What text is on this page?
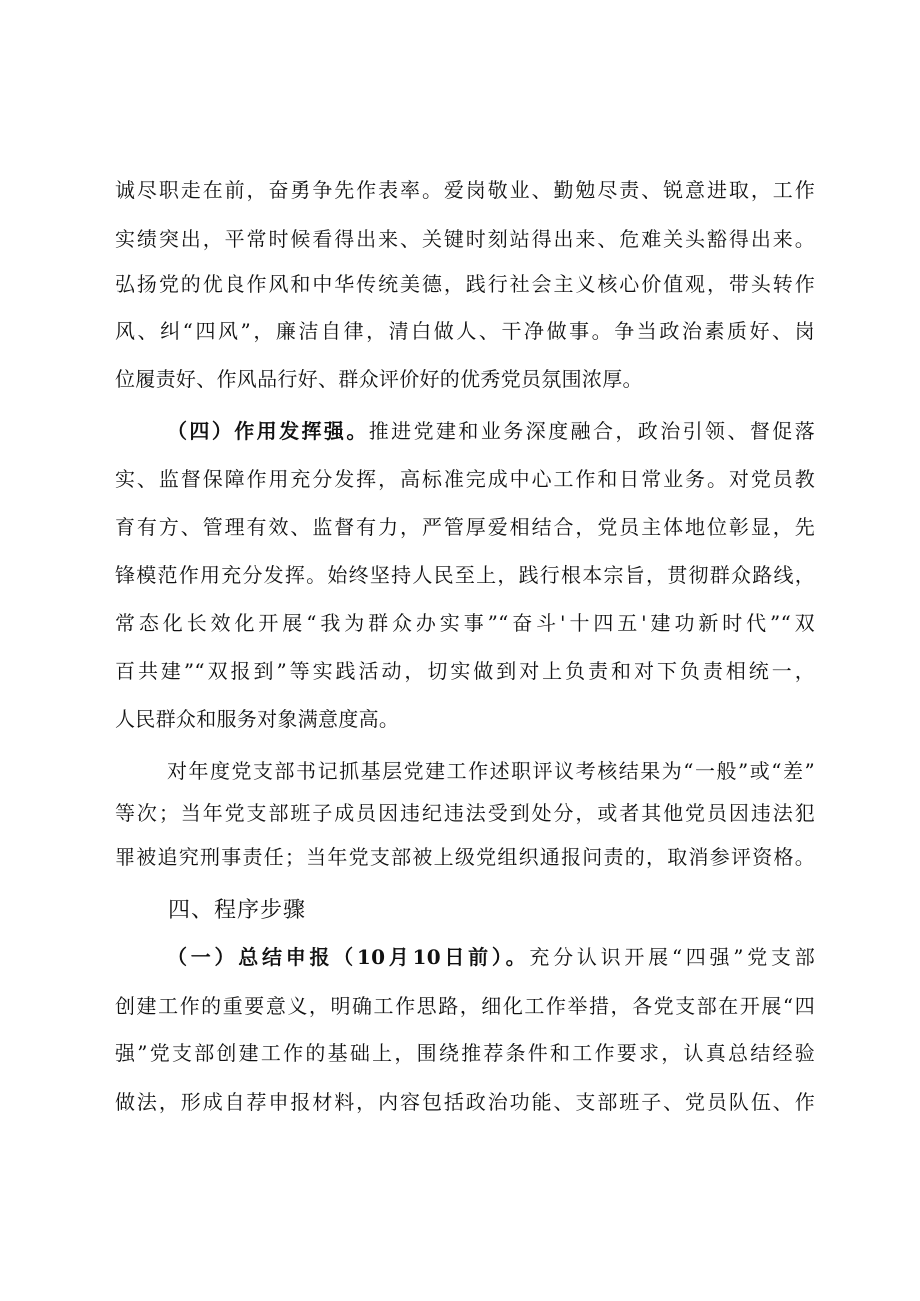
诚尽职走在前，奋勇争先作表率。爱岗敬业、勤勉尽责、锐意进取，工作
实绩突出，平常时候看得出来、关键时刻站得出来、危难关头豁得出来。
弘扬党的优良作风和中华传统美德，践行社会主义核心价值观，带头转作
风、纠“四风”，廉洁自律，清白做人、干净做事。争当政治素质好、岗
位履责好、作风品行好、群众评价好的优秀党员氛围浓厚。
（四）作用发挥强。推进党建和业务深度融合，政治引领、督促落
实、监督保障作用充分发挥，高标准完成中心工作和日常业务。对党员教
育有方、管理有效、监督有力，严管厚爱相结合，党员主体地位彰显，先
锋模范作用充分发挥。始终坚持人民至上，践行根本宗旨，贯彻群众路线，
常态化长效化开展“我为群众办实事”“奋斗'十四五'建功新时代”“双
百共建”“双报到”等实践活动，切实做到对上负责和对下负责相统一，
人民群众和服务对象满意度高。
对年度党支部书记抓基层党建工作述职评议考核结果为“一般”或“差”
等次；当年党支部班子成员因违纪违法受到处分，或者其他党员因违法犯
罪被追究刑事责任；当年党支部被上级党组织通报问责的，取消参评资格。
四、程序步骤
（一）总结申报（10月10日前）。充分认识开展“四强”党支部
创建工作的重要意义，明确工作思路，细化工作举措，各党支部在开展“四
强”党支部创建工作的基础上，围绕推荐条件和工作要求，认真总结经验
做法，形成自荐申报材料，内容包括政治功能、支部班子、党员队伍、作
